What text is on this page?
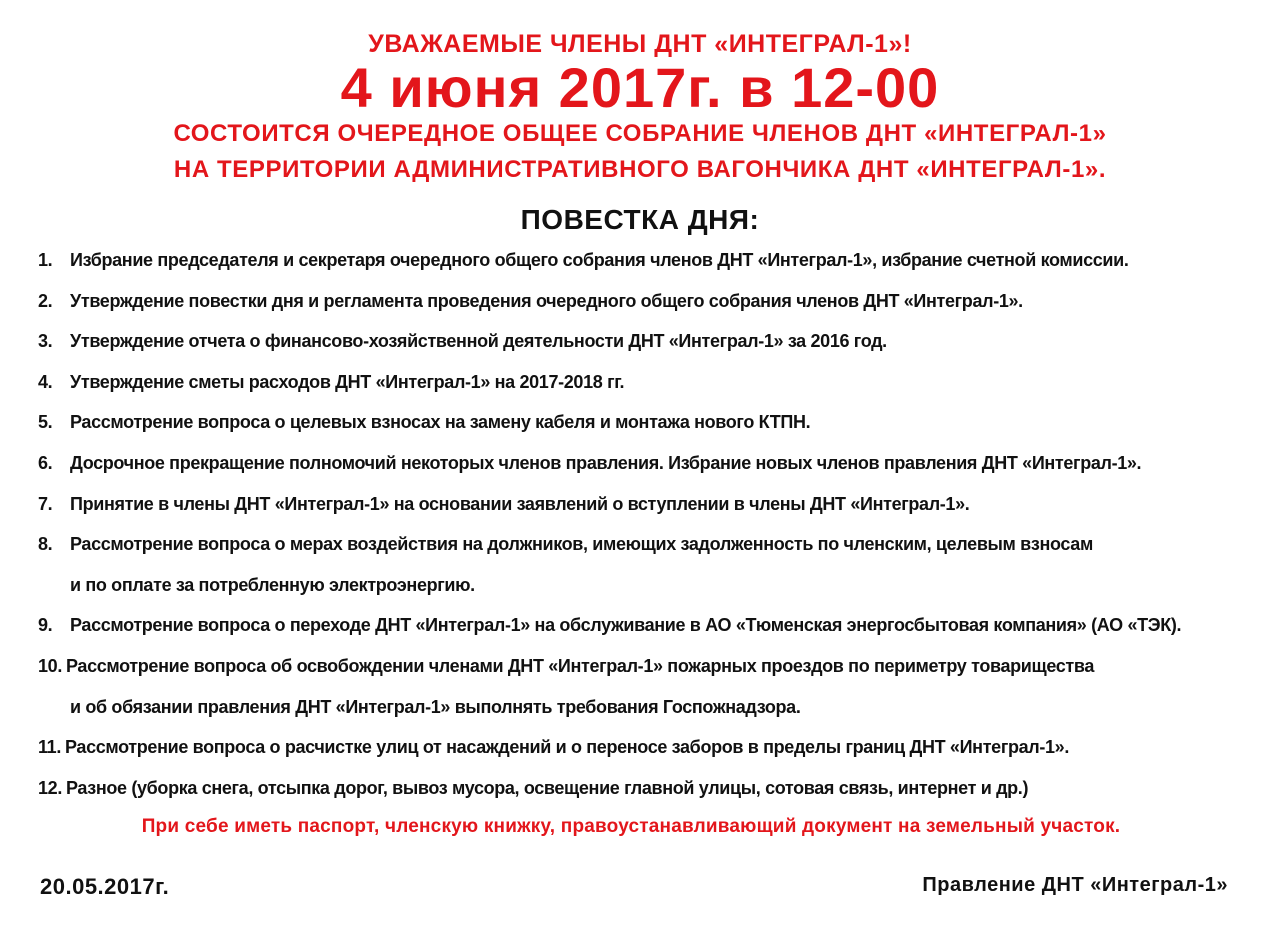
УВАЖАЕМЫЕ ЧЛЕНЫ ДНТ «ИНТЕГРАЛ-1»!
4 июня 2017г. в 12-00
СОСТОИТСЯ ОЧЕРЕДНОЕ ОБЩЕЕ СОБРАНИЕ ЧЛЕНОВ ДНТ «ИНТЕГРАЛ-1»
НА ТЕРРИТОРИИ АДМИНИСТРАТИВНОГО ВАГОНЧИКА ДНТ «ИНТЕГРАЛ-1».
ПОВЕСТКА ДНЯ:
1. Избрание председателя и секретаря очередного общего собрания членов ДНТ «Интеграл-1», избрание счетной комиссии.
2. Утверждение повестки дня и регламента проведения очередного общего собрания членов ДНТ «Интеграл-1».
3. Утверждение отчета о финансово-хозяйственной деятельности ДНТ «Интеграл-1» за 2016 год.
4. Утверждение сметы расходов ДНТ «Интеграл-1» на 2017-2018 гг.
5. Рассмотрение вопроса о целевых взносах на замену кабеля и монтажа нового КТПН.
6. Досрочное прекращение полномочий некоторых членов правления. Избрание новых членов правления ДНТ «Интеграл-1».
7. Принятие в члены ДНТ «Интеграл-1» на основании заявлений о вступлении в члены ДНТ «Интеграл-1».
8. Рассмотрение вопроса о мерах воздействия на должников, имеющих задолженность по членским, целевым взносам
и по оплате за потребленную электроэнергию.
9. Рассмотрение вопроса о переходе ДНТ «Интеграл-1» на обслуживание в АО «Тюменская энергосбытовая компания» (АО «ТЭК).
10. Рассмотрение вопроса об освобождении членами ДНТ «Интеграл-1» пожарных проездов по периметру товарищества
и об обязании правления ДНТ «Интеграл-1» выполнять требования Госпожнадзора.
11. Рассмотрение вопроса о расчистке улиц от насаждений и о переносе заборов в пределы границ ДНТ «Интеграл-1».
12. Разное (уборка снега, отсыпка дорог, вывоз мусора, освещение главной улицы, сотовая связь, интернет и др.)
При себе иметь паспорт, членскую книжку, правоустанавливающий документ на земельный участок.
20.05.2017г.	Правление ДНТ «Интеграл-1»
